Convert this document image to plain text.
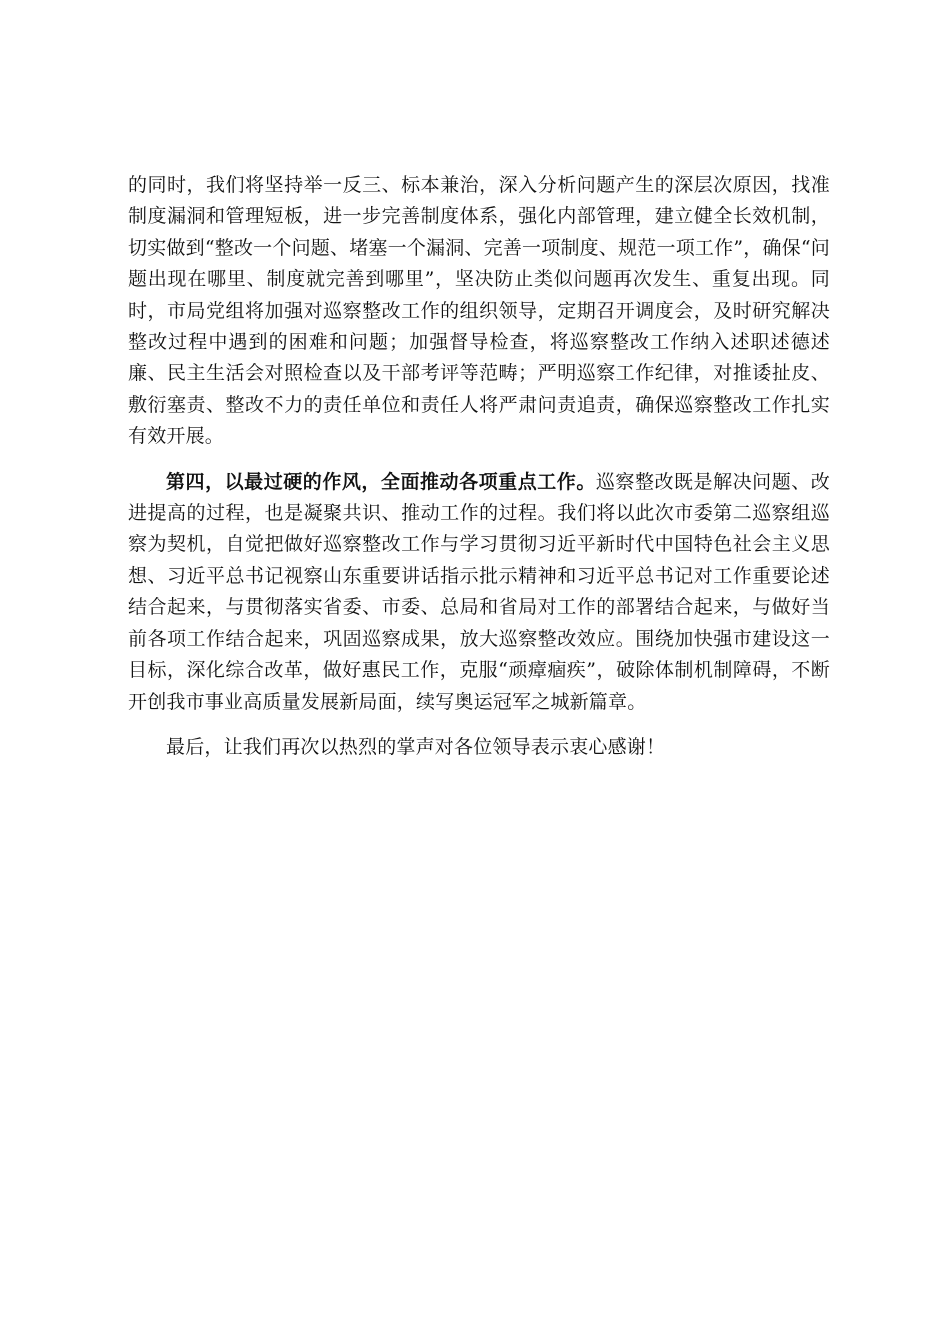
的同时，我们将坚持举一反三、标本兼治，深入分析问题产生的深层次原因，找准制度漏洞和管理短板，进一步完善制度体系，强化内部管理，建立健全长效机制，切实做到“整改一个问题、堵塞一个漏洞、完善一项制度、规范一项工作”，确保“问题出现在哪里、制度就完善到哪里”，坚决防止类似问题再次发生、重复出现。同时，市局党组将加强对巡察整改工作的组织领导，定期召开调度会，及时研究解决整改过程中遇到的困难和问题；加强督导检查，将巡察整改工作纳入述职述德述廉、民主生活会对照检查以及干部考评等范畴；严明巡察工作纪律，对推诿扯皮、敷衍塞责、整改不力的责任单位和责任人将严肃问责追责，确保巡察整改工作扎实有效开展。

第四，以最过硬的作风，全面推动各项重点工作。巡察整改既是解决问题、改进提高的过程，也是凝聚共识、推动工作的过程。我们将以此次市委第二巡察组巡察为契机，自觉把做好巡察整改工作与学习贯彻习近平新时代中国特色社会主义思想、习近平总书记视察山东重要讲话指示批示精神和习近平总书记对工作重要论述结合起来，与贯彻落实省委、市委、总局和省局对工作的部署结合起来，与做好当前各项工作结合起来，巩固巡察成果，放大巡察整改效应。围绕加快强市建设这一目标，深化综合改革，做好惠民工作，克服“顽瘴痼疾”，破除体制机制障碍，不断开创我市事业高质量发展新局面，续写奥运冠军之城新篇章。

最后，让我们再次以热烈的掌声对各位领导表示衷心感谢！
